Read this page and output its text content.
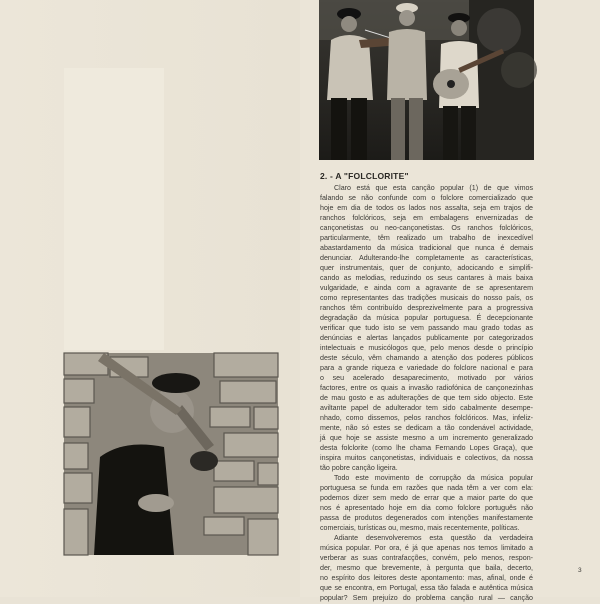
2. - A "FOLCLORITE"
Claro está que esta canção popular (1) de que vimos
falando se não confunde com o folclore comercializado que
hoje em dia de todos os lados nos assalta, seja em trajos de
ranchos folclóricos, seja em embalagens envernizadas de
cançonetistas ou neo-cançonetistas. Os ranchos folclóricos,
particularmente, têm realizado um trabalho de inexcedível
abastardamento da música tradicional que nunca é demais
denunciar. Adulterando-lhe completamente as características,
quer instrumentais, quer de conjunto, adocicando e simplifi-
cando as melodias, reduzindo os seus cantares à mais baixa
vulgaridade, e ainda com a agravante de se apresentarem
como representantes das tradições musicais do nosso país, os
ranchos têm contribuído desprezivelmente para a progressiva
degradação da música popular portuguesa. É decepcionante
verificar que tudo isto se vem passando mau grado todas as
denúncias e alertas lançados publicamente por categorizados
intelectuais e musicólogos que, pelo menos desde o princípio
deste século, vêm chamando a atenção dos poderes públicos
para a grande riqueza e variedade do folclore nacional e para
o seu acelerado desaparecimento, motivado por vários
factores, entre os quais a invasão radiofónica de cançonezinhas
de mau gosto e as adulterações de que tem sido objecto. Este
aviltante papel de adulterador tem sido cabalmente desempe-
nhado, como dissemos, pelos ranchos folclóricos. Mas, infeliz-
mente, não só estes se dedicam a tão condenável actividade,
já que hoje se assiste mesmo a um incremento generalizado
desta folclorite (como lhe chama Fernando Lopes Graça), que
inspira muitos cançonetistas, individuais e colectivos, da nossa
tão pobre canção ligeira.
Todo este movimento de corrupção da música popular
portuguesa se funda em razões que nada têm a ver com ela:
podemos dizer sem medo de errar que a maior parte do que
nos é apresentado hoje em dia como folclore português não
passa de produtos degenerados com intenções manifestamente
comerciais, turísticas ou, mesmo, mais recentemente, políticas.
Adiante desenvolveremos esta questão da verdadeira
música popular. Por ora, é já que apenas nos temos limitado a
verberar as suas contrafacções, convém, pelo menos, respon-
der, mesmo que brevemente, à pergunta que baila, decerto,
no espírito dos leitores deste apontamento: mas, afinal, onde é
que se encontra, em Portugal, essa tão falada e autêntica música
popular? Sem prejuízo do problema canção rural — canção
3
